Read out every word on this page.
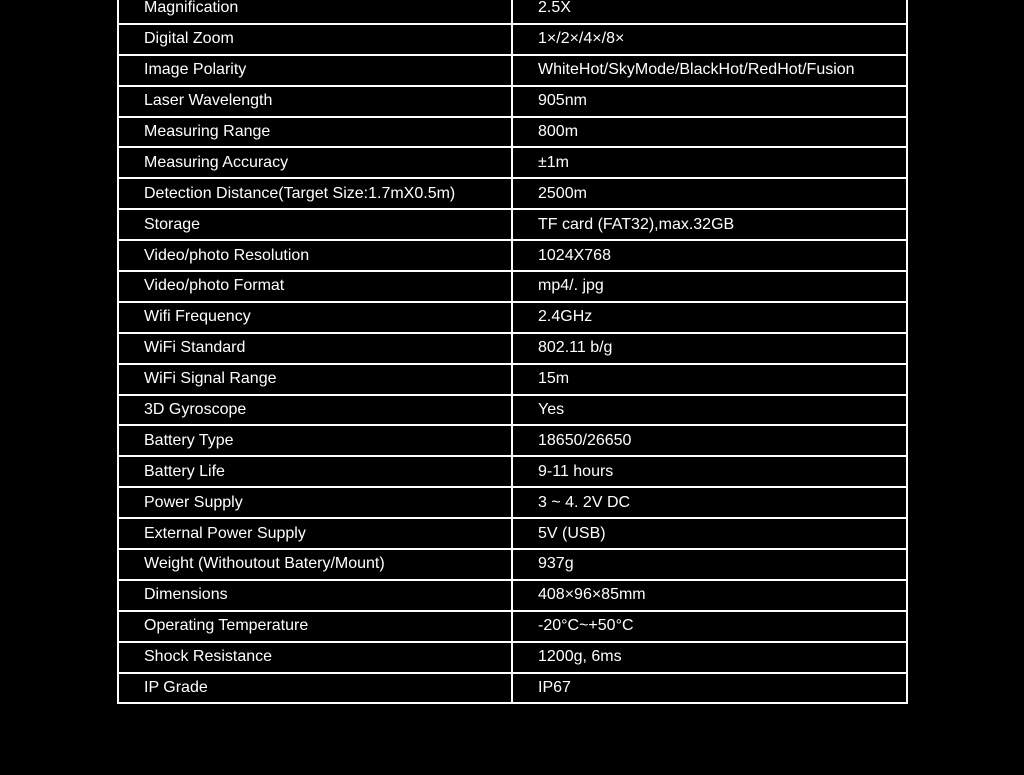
Magnification	2.5X
Digital Zoom	1×/2×/4×/8×
Image Polarity	WhiteHot/SkyMode/BlackHot/RedHot/Fusion
Laser Wavelength	905nm
Measuring Range	800m
Measuring Accuracy	±1m
Detection Distance(Target Size:1.7mX0.5m)	2500m
Storage	TF card (FAT32),max.32GB
Video/photo Resolution	1024X768
Video/photo Format	mp4/. jpg
Wifi Frequency	2.4GHz
WiFi Standard	802.11 b/g
WiFi Signal Range	15m
3D Gyroscope	Yes
Battery Type	18650/26650
Battery Life	9-11 hours
Power Supply	3 ~ 4. 2V DC
External Power Supply	5V (USB)
Weight (Withoutout Batery/Mount)	937g
Dimensions	408×96×85mm
Operating Temperature	-20°C~+50°C
Shock Resistance	1200g, 6ms
IP Grade	IP67
